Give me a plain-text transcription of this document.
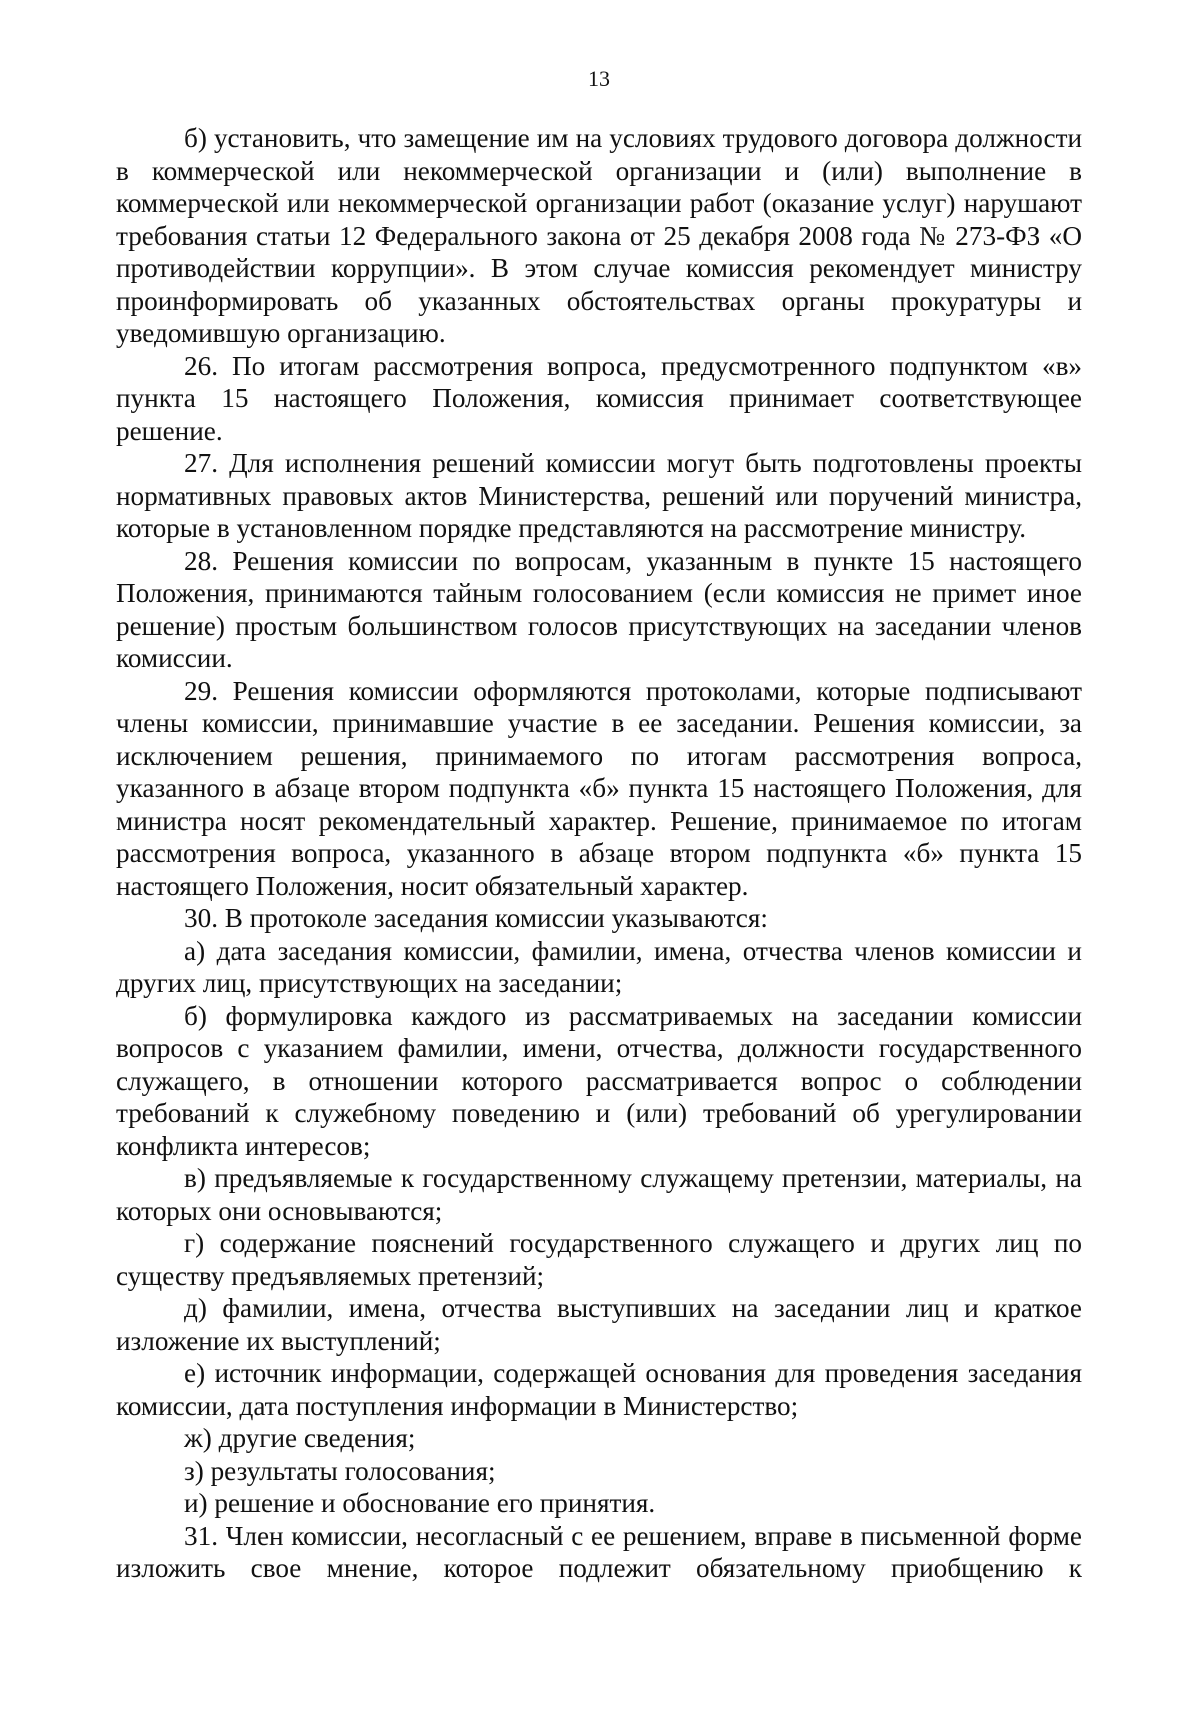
13

б) установить, что замещение им на условиях трудового договора должности в коммерческой или некоммерческой организации и (или) выполнение в коммерческой или некоммерческой организации работ (оказание услуг) нарушают требования статьи 12 Федерального закона от 25 декабря 2008 года № 273-ФЗ «О противодействии коррупции». В этом случае комиссия рекомендует министру проинформировать об указанных обстоятельствах органы прокуратуры и уведомившую организацию.

26. По итогам рассмотрения вопроса, предусмотренного подпунктом «в» пункта 15 настоящего Положения, комиссия принимает соответствующее решение.

27. Для исполнения решений комиссии могут быть подготовлены проекты нормативных правовых актов Министерства, решений или поручений министра, которые в установленном порядке представляются на рассмотрение министру.

28. Решения комиссии по вопросам, указанным в пункте 15 настоящего Положения, принимаются тайным голосованием (если комиссия не примет иное решение) простым большинством голосов присутствующих на заседании членов комиссии.

29. Решения комиссии оформляются протоколами, которые подписывают члены комиссии, принимавшие участие в ее заседании. Решения комиссии, за исключением решения, принимаемого по итогам рассмотрения вопроса, указанного в абзаце втором подпункта «б» пункта 15 настоящего Положения, для министра носят рекомендательный характер. Решение, принимаемое по итогам рассмотрения вопроса, указанного в абзаце втором подпункта «б» пункта 15 настоящего Положения, носит обязательный характер.

30. В протоколе заседания комиссии указываются:

а) дата заседания комиссии, фамилии, имена, отчества членов комиссии и других лиц, присутствующих на заседании;

б) формулировка каждого из рассматриваемых на заседании комиссии вопросов с указанием фамилии, имени, отчества, должности государственного служащего, в отношении которого рассматривается вопрос о соблюдении требований к служебному поведению и (или) требований об урегулировании конфликта интересов;

в) предъявляемые к государственному служащему претензии, материалы, на которых они основываются;

г) содержание пояснений государственного служащего и других лиц по существу предъявляемых претензий;

д) фамилии, имена, отчества выступивших на заседании лиц и краткое изложение их выступлений;

е) источник информации, содержащей основания для проведения заседания комиссии, дата поступления информации в Министерство;

ж) другие сведения;

з) результаты голосования;

и) решение и обоснование его принятия.

31. Член комиссии, несогласный с ее решением, вправе в письменной форме изложить свое мнение, которое подлежит обязательному приобщению к
